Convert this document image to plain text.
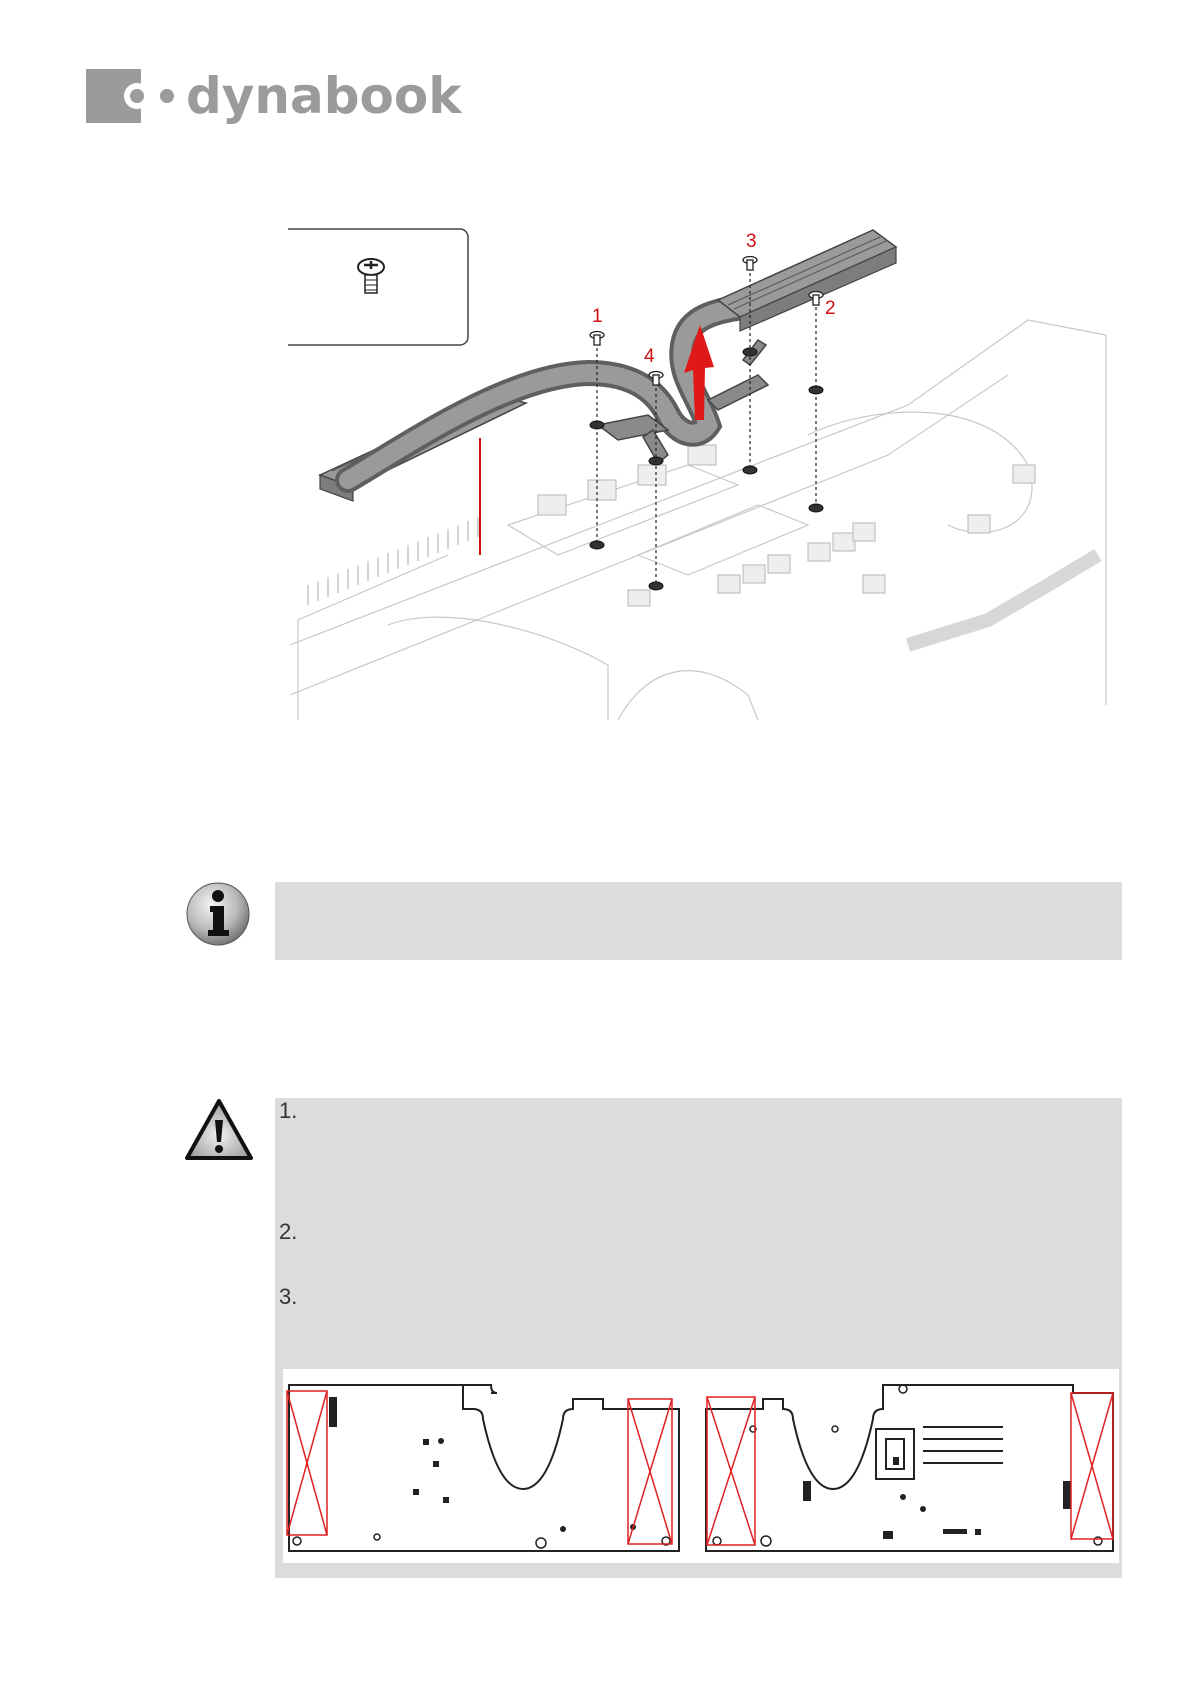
dynabook
1	2
3
4
1.
2.
3.
